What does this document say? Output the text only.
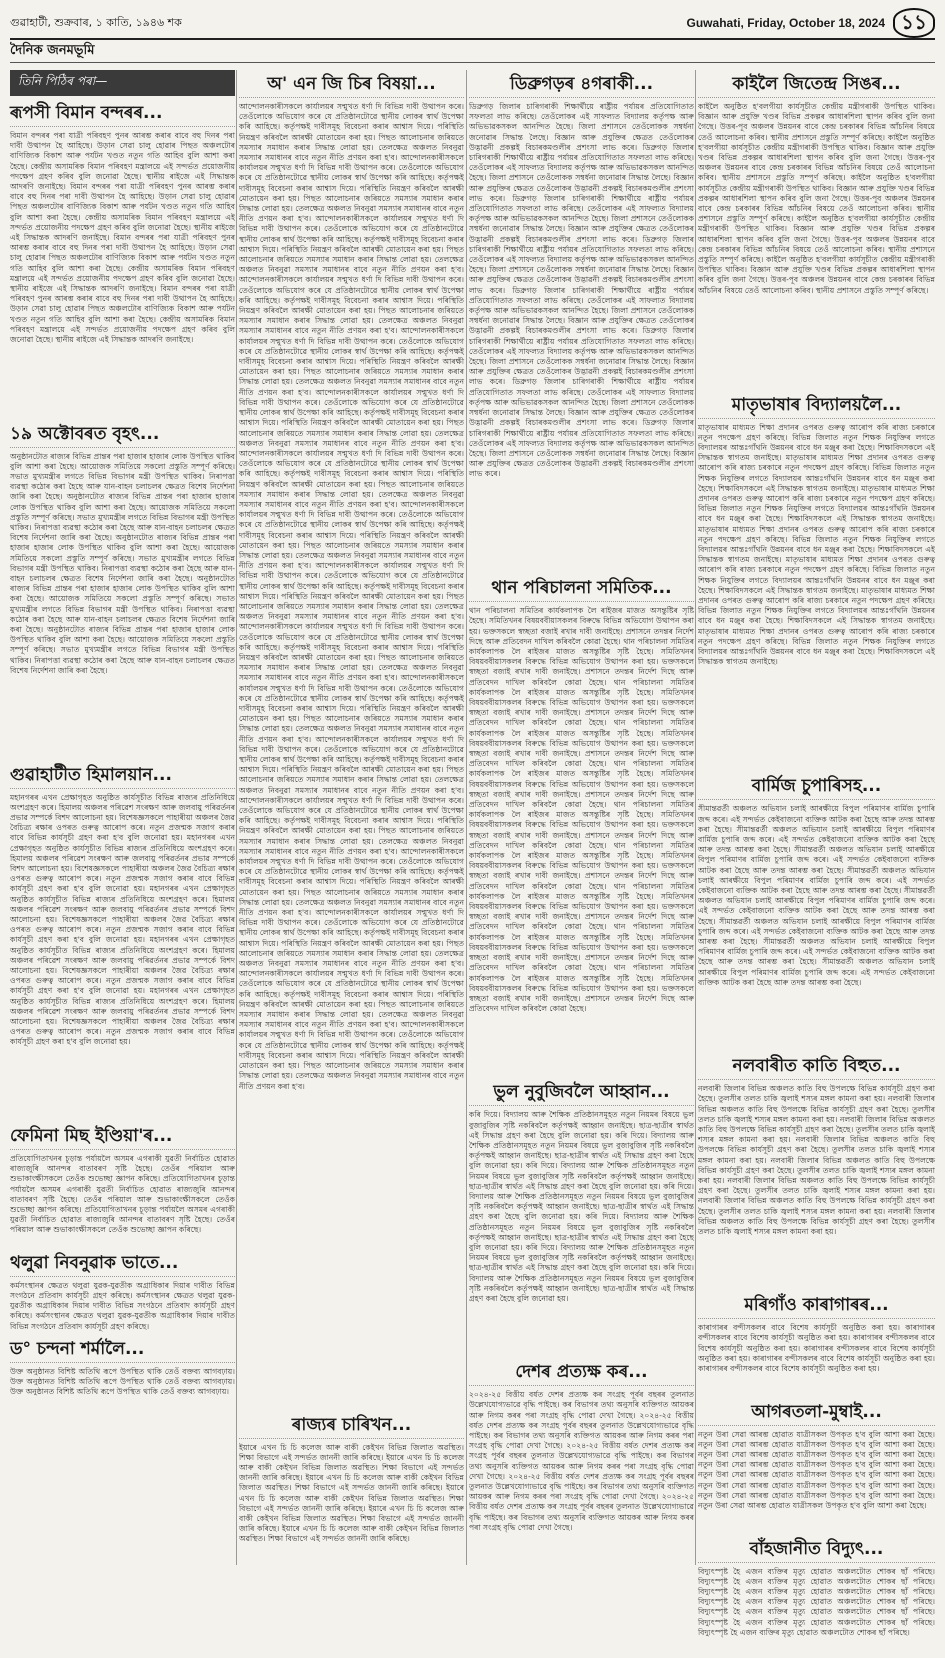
গুৱাহাটী, শুক্রবাৰ, ১ কাতি, ১৯৪৬ শক	Guwahati, Friday, October 18, 2024 ১১
দৈনিক জনমভূমি
তিনি পিঠিৰ পৰা—
ৰূপসী বিমান বন্দৰৰ...
বিমান বন্দৰৰ পৰা যাত্ৰী পৰিবহণ পুনৰ আৰম্ভ কৰাৰ বাবে বহু দিনৰ পৰা দাবী উত্থাপন হৈ আহিছে। উড়ান সেৱা চালু হোৱাৰ পিছত অঞ্চলটোৰ বাণিজ্যিক বিকাশ আৰু পৰ্যটন খণ্ডত নতুন গতি আহিব বুলি আশা কৰা হৈছে। কেন্দ্ৰীয় অসামৰিক বিমান পৰিবহণ মন্ত্ৰালয়ে এই সন্দৰ্ভত প্ৰয়োজনীয় পদক্ষেপ গ্ৰহণ কৰিব বুলি জনোৱা হৈছে। স্থানীয় ৰাইজে এই সিদ্ধান্তক আদৰণি জনাইছে। বিমান বন্দৰৰ পৰা যাত্ৰী পৰিবহণ পুনৰ আৰম্ভ কৰাৰ বাবে বহু দিনৰ পৰা দাবী উত্থাপন হৈ আহিছে। উড়ান সেৱা চালু হোৱাৰ পিছত অঞ্চলটোৰ বাণিজ্যিক বিকাশ আৰু পৰ্যটন খণ্ডত নতুন গতি আহিব বুলি আশা কৰা হৈছে। কেন্দ্ৰীয় অসামৰিক বিমান পৰিবহণ মন্ত্ৰালয়ে এই সন্দৰ্ভত প্ৰয়োজনীয় পদক্ষেপ গ্ৰহণ কৰিব বুলি জনোৱা হৈছে। স্থানীয় ৰাইজে এই সিদ্ধান্তক আদৰণি জনাইছে। বিমান বন্দৰৰ পৰা যাত্ৰী পৰিবহণ পুনৰ আৰম্ভ কৰাৰ বাবে বহু দিনৰ পৰা দাবী উত্থাপন হৈ আহিছে। উড়ান সেৱা চালু হোৱাৰ পিছত অঞ্চলটোৰ বাণিজ্যিক বিকাশ আৰু পৰ্যটন খণ্ডত নতুন গতি আহিব বুলি আশা কৰা হৈছে। কেন্দ্ৰীয় অসামৰিক বিমান পৰিবহণ মন্ত্ৰালয়ে এই সন্দৰ্ভত প্ৰয়োজনীয় পদক্ষেপ গ্ৰহণ কৰিব বুলি জনোৱা হৈছে। স্থানীয় ৰাইজে এই সিদ্ধান্তক আদৰণি জনাইছে। বিমান বন্দৰৰ পৰা যাত্ৰী পৰিবহণ পুনৰ আৰম্ভ কৰাৰ বাবে বহু দিনৰ পৰা দাবী উত্থাপন হৈ আহিছে। উড়ান সেৱা চালু হোৱাৰ পিছত অঞ্চলটোৰ বাণিজ্যিক বিকাশ আৰু পৰ্যটন খণ্ডত নতুন গতি আহিব বুলি আশা কৰা হৈছে। কেন্দ্ৰীয় অসামৰিক বিমান পৰিবহণ মন্ত্ৰালয়ে এই সন্দৰ্ভত প্ৰয়োজনীয় পদক্ষেপ গ্ৰহণ কৰিব বুলি জনোৱা হৈছে। স্থানীয় ৰাইজে এই সিদ্ধান্তক আদৰণি জনাইছে।
১৯ অক্টোবৰত বৃহৎ...
অনুষ্ঠানটোত ৰাজ্যৰ বিভিন্ন প্ৰান্তৰ পৰা হাজাৰ হাজাৰ লোক উপস্থিত থাকিব বুলি আশা কৰা হৈছে। আয়োজক সমিতিয়ে সকলো প্ৰস্তুতি সম্পূৰ্ণ কৰিছে। সভাত মুখ্যমন্ত্ৰীৰ লগতে বিভিন্ন বিভাগৰ মন্ত্ৰী উপস্থিত থাকিব। নিৰাপত্তা ব্যৱস্থা কঠোৰ কৰা হৈছে আৰু যান-বাহন চলাচলৰ ক্ষেত্ৰত বিশেষ নিৰ্দেশনা জাৰি কৰা হৈছে। অনুষ্ঠানটোত ৰাজ্যৰ বিভিন্ন প্ৰান্তৰ পৰা হাজাৰ হাজাৰ লোক উপস্থিত থাকিব বুলি আশা কৰা হৈছে। আয়োজক সমিতিয়ে সকলো প্ৰস্তুতি সম্পূৰ্ণ কৰিছে। সভাত মুখ্যমন্ত্ৰীৰ লগতে বিভিন্ন বিভাগৰ মন্ত্ৰী উপস্থিত থাকিব। নিৰাপত্তা ব্যৱস্থা কঠোৰ কৰা হৈছে আৰু যান-বাহন চলাচলৰ ক্ষেত্ৰত বিশেষ নিৰ্দেশনা জাৰি কৰা হৈছে। অনুষ্ঠানটোত ৰাজ্যৰ বিভিন্ন প্ৰান্তৰ পৰা হাজাৰ হাজাৰ লোক উপস্থিত থাকিব বুলি আশা কৰা হৈছে। আয়োজক সমিতিয়ে সকলো প্ৰস্তুতি সম্পূৰ্ণ কৰিছে। সভাত মুখ্যমন্ত্ৰীৰ লগতে বিভিন্ন বিভাগৰ মন্ত্ৰী উপস্থিত থাকিব। নিৰাপত্তা ব্যৱস্থা কঠোৰ কৰা হৈছে আৰু যান-বাহন চলাচলৰ ক্ষেত্ৰত বিশেষ নিৰ্দেশনা জাৰি কৰা হৈছে। অনুষ্ঠানটোত ৰাজ্যৰ বিভিন্ন প্ৰান্তৰ পৰা হাজাৰ হাজাৰ লোক উপস্থিত থাকিব বুলি আশা কৰা হৈছে। আয়োজক সমিতিয়ে সকলো প্ৰস্তুতি সম্পূৰ্ণ কৰিছে। সভাত মুখ্যমন্ত্ৰীৰ লগতে বিভিন্ন বিভাগৰ মন্ত্ৰী উপস্থিত থাকিব। নিৰাপত্তা ব্যৱস্থা কঠোৰ কৰা হৈছে আৰু যান-বাহন চলাচলৰ ক্ষেত্ৰত বিশেষ নিৰ্দেশনা জাৰি কৰা হৈছে। অনুষ্ঠানটোত ৰাজ্যৰ বিভিন্ন প্ৰান্তৰ পৰা হাজাৰ হাজাৰ লোক উপস্থিত থাকিব বুলি আশা কৰা হৈছে। আয়োজক সমিতিয়ে সকলো প্ৰস্তুতি সম্পূৰ্ণ কৰিছে। সভাত মুখ্যমন্ত্ৰীৰ লগতে বিভিন্ন বিভাগৰ মন্ত্ৰী উপস্থিত থাকিব। নিৰাপত্তা ব্যৱস্থা কঠোৰ কৰা হৈছে আৰু যান-বাহন চলাচলৰ ক্ষেত্ৰত বিশেষ নিৰ্দেশনা জাৰি কৰা হৈছে।
গুৱাহাটীত হিমালয়ান...
মহানগৰৰ এখন প্ৰেক্ষাগৃহত অনুষ্ঠিত কাৰ্যসূচীত বিভিন্ন ৰাজ্যৰ প্ৰতিনিধিয়ে অংশগ্ৰহণ কৰে। হিমালয় অঞ্চলৰ পৰিৱেশ সংৰক্ষণ আৰু জলবায়ু পৰিৱৰ্তনৰ প্ৰভাৱ সম্পৰ্কে বিশদ আলোচনা হয়। বিশেষজ্ঞসকলে পাহাৰীয়া অঞ্চলৰ জৈৱ বৈচিত্ৰ্য ৰক্ষাৰ ওপৰত গুৰুত্ব আৰোপ কৰে। নতুন প্ৰজন্মক সজাগ কৰাৰ বাবে বিভিন্ন কাৰ্যসূচী গ্ৰহণ কৰা হ'ব বুলি জনোৱা হয়। মহানগৰৰ এখন প্ৰেক্ষাগৃহত অনুষ্ঠিত কাৰ্যসূচীত বিভিন্ন ৰাজ্যৰ প্ৰতিনিধিয়ে অংশগ্ৰহণ কৰে। হিমালয় অঞ্চলৰ পৰিৱেশ সংৰক্ষণ আৰু জলবায়ু পৰিৱৰ্তনৰ প্ৰভাৱ সম্পৰ্কে বিশদ আলোচনা হয়। বিশেষজ্ঞসকলে পাহাৰীয়া অঞ্চলৰ জৈৱ বৈচিত্ৰ্য ৰক্ষাৰ ওপৰত গুৰুত্ব আৰোপ কৰে। নতুন প্ৰজন্মক সজাগ কৰাৰ বাবে বিভিন্ন কাৰ্যসূচী গ্ৰহণ কৰা হ'ব বুলি জনোৱা হয়। মহানগৰৰ এখন প্ৰেক্ষাগৃহত অনুষ্ঠিত কাৰ্যসূচীত বিভিন্ন ৰাজ্যৰ প্ৰতিনিধিয়ে অংশগ্ৰহণ কৰে। হিমালয় অঞ্চলৰ পৰিৱেশ সংৰক্ষণ আৰু জলবায়ু পৰিৱৰ্তনৰ প্ৰভাৱ সম্পৰ্কে বিশদ আলোচনা হয়। বিশেষজ্ঞসকলে পাহাৰীয়া অঞ্চলৰ জৈৱ বৈচিত্ৰ্য ৰক্ষাৰ ওপৰত গুৰুত্ব আৰোপ কৰে। নতুন প্ৰজন্মক সজাগ কৰাৰ বাবে বিভিন্ন কাৰ্যসূচী গ্ৰহণ কৰা হ'ব বুলি জনোৱা হয়। মহানগৰৰ এখন প্ৰেক্ষাগৃহত অনুষ্ঠিত কাৰ্যসূচীত বিভিন্ন ৰাজ্যৰ প্ৰতিনিধিয়ে অংশগ্ৰহণ কৰে। হিমালয় অঞ্চলৰ পৰিৱেশ সংৰক্ষণ আৰু জলবায়ু পৰিৱৰ্তনৰ প্ৰভাৱ সম্পৰ্কে বিশদ আলোচনা হয়। বিশেষজ্ঞসকলে পাহাৰীয়া অঞ্চলৰ জৈৱ বৈচিত্ৰ্য ৰক্ষাৰ ওপৰত গুৰুত্ব আৰোপ কৰে। নতুন প্ৰজন্মক সজাগ কৰাৰ বাবে বিভিন্ন কাৰ্যসূচী গ্ৰহণ কৰা হ'ব বুলি জনোৱা হয়। মহানগৰৰ এখন প্ৰেক্ষাগৃহত অনুষ্ঠিত কাৰ্যসূচীত বিভিন্ন ৰাজ্যৰ প্ৰতিনিধিয়ে অংশগ্ৰহণ কৰে। হিমালয় অঞ্চলৰ পৰিৱেশ সংৰক্ষণ আৰু জলবায়ু পৰিৱৰ্তনৰ প্ৰভাৱ সম্পৰ্কে বিশদ আলোচনা হয়। বিশেষজ্ঞসকলে পাহাৰীয়া অঞ্চলৰ জৈৱ বৈচিত্ৰ্য ৰক্ষাৰ ওপৰত গুৰুত্ব আৰোপ কৰে। নতুন প্ৰজন্মক সজাগ কৰাৰ বাবে বিভিন্ন কাৰ্যসূচী গ্ৰহণ কৰা হ'ব বুলি জনোৱা হয়।
ফেমিনা মিছ ইণ্ডিয়া'ৰ...
প্ৰতিযোগিতাখনৰ চূড়ান্ত পৰ্যায়লৈ অসমৰ এগৰাকী যুৱতী নিৰ্বাচিত হোৱাত ৰাজ্যজুৰি আনন্দৰ বাতাবৰণ সৃষ্টি হৈছে। তেওঁৰ পৰিয়াল আৰু শুভাকাংক্ষীসকলে তেওঁক শুভেচ্ছা জ্ঞাপন কৰিছে। প্ৰতিযোগিতাখনৰ চূড়ান্ত পৰ্যায়লৈ অসমৰ এগৰাকী যুৱতী নিৰ্বাচিত হোৱাত ৰাজ্যজুৰি আনন্দৰ বাতাবৰণ সৃষ্টি হৈছে। তেওঁৰ পৰিয়াল আৰু শুভাকাংক্ষীসকলে তেওঁক শুভেচ্ছা জ্ঞাপন কৰিছে। প্ৰতিযোগিতাখনৰ চূড়ান্ত পৰ্যায়লৈ অসমৰ এগৰাকী যুৱতী নিৰ্বাচিত হোৱাত ৰাজ্যজুৰি আনন্দৰ বাতাবৰণ সৃষ্টি হৈছে। তেওঁৰ পৰিয়াল আৰু শুভাকাংক্ষীসকলে তেওঁক শুভেচ্ছা জ্ঞাপন কৰিছে।
থলুৱা নিবনুৱাক ভাতে...
কৰ্মসংস্থানৰ ক্ষেত্ৰত থলুৱা যুৱক-যুৱতীক অগ্ৰাধিকাৰ দিয়াৰ দাবীত বিভিন্ন সংগঠনে প্ৰতিবাদ কাৰ্যসূচী গ্ৰহণ কৰিছে। কৰ্মসংস্থানৰ ক্ষেত্ৰত থলুৱা যুৱক-যুৱতীক অগ্ৰাধিকাৰ দিয়াৰ দাবীত বিভিন্ন সংগঠনে প্ৰতিবাদ কাৰ্যসূচী গ্ৰহণ কৰিছে। কৰ্মসংস্থানৰ ক্ষেত্ৰত থলুৱা যুৱক-যুৱতীক অগ্ৰাধিকাৰ দিয়াৰ দাবীত বিভিন্ন সংগঠনে প্ৰতিবাদ কাৰ্যসূচী গ্ৰহণ কৰিছে।
ড° চন্দনা শৰ্মালৈ...
উক্ত অনুষ্ঠানত বিশিষ্ট অতিথি ৰূপে উপস্থিত থাকি তেওঁ বক্তব্য আগবঢ়ায়। উক্ত অনুষ্ঠানত বিশিষ্ট অতিথি ৰূপে উপস্থিত থাকি তেওঁ বক্তব্য আগবঢ়ায়। উক্ত অনুষ্ঠানত বিশিষ্ট অতিথি ৰূপে উপস্থিত থাকি তেওঁ বক্তব্য আগবঢ়ায়।
অ' এন জি চিৰ বিষয়া...
আন্দোলনকাৰীসকলে কাৰ্যালয়ৰ সন্মুখত ধৰ্ণা দি বিভিন্ন দাবী উত্থাপন কৰে। তেওঁলোকে অভিযোগ কৰে যে প্ৰতিষ্ঠানটোৱে স্থানীয় লোকৰ স্বাৰ্থ উপেক্ষা কৰি আহিছে। কৰ্তৃপক্ষই দাবীসমূহ বিবেচনা কৰাৰ আশ্বাস দিয়ে। পৰিস্থিতি নিয়ন্ত্ৰণ কৰিবলৈ আৰক্ষী মোতায়েন কৰা হয়। পিছত আলোচনাৰ জৰিয়তে সমস্যাৰ সমাধান কৰাৰ সিদ্ধান্ত লোৱা হয়। তেলক্ষেত্ৰ অঞ্চলত নিবনুৱা সমস্যাৰ সমাধানৰ বাবে নতুন নীতি প্ৰণয়ন কৰা হ'ব। আন্দোলনকাৰীসকলে কাৰ্যালয়ৰ সন্মুখত ধৰ্ণা দি বিভিন্ন দাবী উত্থাপন কৰে। তেওঁলোকে অভিযোগ কৰে যে প্ৰতিষ্ঠানটোৱে স্থানীয় লোকৰ স্বাৰ্থ উপেক্ষা কৰি আহিছে। কৰ্তৃপক্ষই দাবীসমূহ বিবেচনা কৰাৰ আশ্বাস দিয়ে। পৰিস্থিতি নিয়ন্ত্ৰণ কৰিবলৈ আৰক্ষী মোতায়েন কৰা হয়। পিছত আলোচনাৰ জৰিয়তে সমস্যাৰ সমাধান কৰাৰ সিদ্ধান্ত লোৱা হয়। তেলক্ষেত্ৰ অঞ্চলত নিবনুৱা সমস্যাৰ সমাধানৰ বাবে নতুন নীতি প্ৰণয়ন কৰা হ'ব। আন্দোলনকাৰীসকলে কাৰ্যালয়ৰ সন্মুখত ধৰ্ণা দি বিভিন্ন দাবী উত্থাপন কৰে। তেওঁলোকে অভিযোগ কৰে যে প্ৰতিষ্ঠানটোৱে স্থানীয় লোকৰ স্বাৰ্থ উপেক্ষা কৰি আহিছে। কৰ্তৃপক্ষই দাবীসমূহ বিবেচনা কৰাৰ আশ্বাস দিয়ে। পৰিস্থিতি নিয়ন্ত্ৰণ কৰিবলৈ আৰক্ষী মোতায়েন কৰা হয়। পিছত আলোচনাৰ জৰিয়তে সমস্যাৰ সমাধান কৰাৰ সিদ্ধান্ত লোৱা হয়। তেলক্ষেত্ৰ অঞ্চলত নিবনুৱা সমস্যাৰ সমাধানৰ বাবে নতুন নীতি প্ৰণয়ন কৰা হ'ব। আন্দোলনকাৰীসকলে কাৰ্যালয়ৰ সন্মুখত ধৰ্ণা দি বিভিন্ন দাবী উত্থাপন কৰে। তেওঁলোকে অভিযোগ কৰে যে প্ৰতিষ্ঠানটোৱে স্থানীয় লোকৰ স্বাৰ্থ উপেক্ষা কৰি আহিছে। কৰ্তৃপক্ষই দাবীসমূহ বিবেচনা কৰাৰ আশ্বাস দিয়ে। পৰিস্থিতি নিয়ন্ত্ৰণ কৰিবলৈ আৰক্ষী মোতায়েন কৰা হয়। পিছত আলোচনাৰ জৰিয়তে সমস্যাৰ সমাধান কৰাৰ সিদ্ধান্ত লোৱা হয়। তেলক্ষেত্ৰ অঞ্চলত নিবনুৱা সমস্যাৰ সমাধানৰ বাবে নতুন নীতি প্ৰণয়ন কৰা হ'ব। আন্দোলনকাৰীসকলে কাৰ্যালয়ৰ সন্মুখত ধৰ্ণা দি বিভিন্ন দাবী উত্থাপন কৰে। তেওঁলোকে অভিযোগ কৰে যে প্ৰতিষ্ঠানটোৱে স্থানীয় লোকৰ স্বাৰ্থ উপেক্ষা কৰি আহিছে। কৰ্তৃপক্ষই দাবীসমূহ বিবেচনা কৰাৰ আশ্বাস দিয়ে। পৰিস্থিতি নিয়ন্ত্ৰণ কৰিবলৈ আৰক্ষী মোতায়েন কৰা হয়। পিছত আলোচনাৰ জৰিয়তে সমস্যাৰ সমাধান কৰাৰ সিদ্ধান্ত লোৱা হয়। তেলক্ষেত্ৰ অঞ্চলত নিবনুৱা সমস্যাৰ সমাধানৰ বাবে নতুন নীতি প্ৰণয়ন কৰা হ'ব। আন্দোলনকাৰীসকলে কাৰ্যালয়ৰ সন্মুখত ধৰ্ণা দি বিভিন্ন দাবী উত্থাপন কৰে। তেওঁলোকে অভিযোগ কৰে যে প্ৰতিষ্ঠানটোৱে স্থানীয় লোকৰ স্বাৰ্থ উপেক্ষা কৰি আহিছে। কৰ্তৃপক্ষই দাবীসমূহ বিবেচনা কৰাৰ আশ্বাস দিয়ে। পৰিস্থিতি নিয়ন্ত্ৰণ কৰিবলৈ আৰক্ষী মোতায়েন কৰা হয়। পিছত আলোচনাৰ জৰিয়তে সমস্যাৰ সমাধান কৰাৰ সিদ্ধান্ত লোৱা হয়। তেলক্ষেত্ৰ অঞ্চলত নিবনুৱা সমস্যাৰ সমাধানৰ বাবে নতুন নীতি প্ৰণয়ন কৰা হ'ব। আন্দোলনকাৰীসকলে কাৰ্যালয়ৰ সন্মুখত ধৰ্ণা দি বিভিন্ন দাবী উত্থাপন কৰে। তেওঁলোকে অভিযোগ কৰে যে প্ৰতিষ্ঠানটোৱে স্থানীয় লোকৰ স্বাৰ্থ উপেক্ষা কৰি আহিছে। কৰ্তৃপক্ষই দাবীসমূহ বিবেচনা কৰাৰ আশ্বাস দিয়ে। পৰিস্থিতি নিয়ন্ত্ৰণ কৰিবলৈ আৰক্ষী মোতায়েন কৰা হয়। পিছত আলোচনাৰ জৰিয়তে সমস্যাৰ সমাধান কৰাৰ সিদ্ধান্ত লোৱা হয়। তেলক্ষেত্ৰ অঞ্চলত নিবনুৱা সমস্যাৰ সমাধানৰ বাবে নতুন নীতি প্ৰণয়ন কৰা হ'ব। আন্দোলনকাৰীসকলে কাৰ্যালয়ৰ সন্মুখত ধৰ্ণা দি বিভিন্ন দাবী উত্থাপন কৰে। তেওঁলোকে অভিযোগ কৰে যে প্ৰতিষ্ঠানটোৱে স্থানীয় লোকৰ স্বাৰ্থ উপেক্ষা কৰি আহিছে। কৰ্তৃপক্ষই দাবীসমূহ বিবেচনা কৰাৰ আশ্বাস দিয়ে। পৰিস্থিতি নিয়ন্ত্ৰণ কৰিবলৈ আৰক্ষী মোতায়েন কৰা হয়। পিছত আলোচনাৰ জৰিয়তে সমস্যাৰ সমাধান কৰাৰ সিদ্ধান্ত লোৱা হয়। তেলক্ষেত্ৰ অঞ্চলত নিবনুৱা সমস্যাৰ সমাধানৰ বাবে নতুন নীতি প্ৰণয়ন কৰা হ'ব। আন্দোলনকাৰীসকলে কাৰ্যালয়ৰ সন্মুখত ধৰ্ণা দি বিভিন্ন দাবী উত্থাপন কৰে। তেওঁলোকে অভিযোগ কৰে যে প্ৰতিষ্ঠানটোৱে স্থানীয় লোকৰ স্বাৰ্থ উপেক্ষা কৰি আহিছে। কৰ্তৃপক্ষই দাবীসমূহ বিবেচনা কৰাৰ আশ্বাস দিয়ে। পৰিস্থিতি নিয়ন্ত্ৰণ কৰিবলৈ আৰক্ষী মোতায়েন কৰা হয়। পিছত আলোচনাৰ জৰিয়তে সমস্যাৰ সমাধান কৰাৰ সিদ্ধান্ত লোৱা হয়। তেলক্ষেত্ৰ অঞ্চলত নিবনুৱা সমস্যাৰ সমাধানৰ বাবে নতুন নীতি প্ৰণয়ন কৰা হ'ব। আন্দোলনকাৰীসকলে কাৰ্যালয়ৰ সন্মুখত ধৰ্ণা দি বিভিন্ন দাবী উত্থাপন কৰে। তেওঁলোকে অভিযোগ কৰে যে প্ৰতিষ্ঠানটোৱে স্থানীয় লোকৰ স্বাৰ্থ উপেক্ষা কৰি আহিছে। কৰ্তৃপক্ষই দাবীসমূহ বিবেচনা কৰাৰ আশ্বাস দিয়ে। পৰিস্থিতি নিয়ন্ত্ৰণ কৰিবলৈ আৰক্ষী মোতায়েন কৰা হয়। পিছত আলোচনাৰ জৰিয়তে সমস্যাৰ সমাধান কৰাৰ সিদ্ধান্ত লোৱা হয়। তেলক্ষেত্ৰ অঞ্চলত নিবনুৱা সমস্যাৰ সমাধানৰ বাবে নতুন নীতি প্ৰণয়ন কৰা হ'ব। আন্দোলনকাৰীসকলে কাৰ্যালয়ৰ সন্মুখত ধৰ্ণা দি বিভিন্ন দাবী উত্থাপন কৰে। তেওঁলোকে অভিযোগ কৰে যে প্ৰতিষ্ঠানটোৱে স্থানীয় লোকৰ স্বাৰ্থ উপেক্ষা কৰি আহিছে। কৰ্তৃপক্ষই দাবীসমূহ বিবেচনা কৰাৰ আশ্বাস দিয়ে। পৰিস্থিতি নিয়ন্ত্ৰণ কৰিবলৈ আৰক্ষী মোতায়েন কৰা হয়। পিছত আলোচনাৰ জৰিয়তে সমস্যাৰ সমাধান কৰাৰ সিদ্ধান্ত লোৱা হয়। তেলক্ষেত্ৰ অঞ্চলত নিবনুৱা সমস্যাৰ সমাধানৰ বাবে নতুন নীতি প্ৰণয়ন কৰা হ'ব। আন্দোলনকাৰীসকলে কাৰ্যালয়ৰ সন্মুখত ধৰ্ণা দি বিভিন্ন দাবী উত্থাপন কৰে। তেওঁলোকে অভিযোগ কৰে যে প্ৰতিষ্ঠানটোৱে স্থানীয় লোকৰ স্বাৰ্থ উপেক্ষা কৰি আহিছে। কৰ্তৃপক্ষই দাবীসমূহ বিবেচনা কৰাৰ আশ্বাস দিয়ে। পৰিস্থিতি নিয়ন্ত্ৰণ কৰিবলৈ আৰক্ষী মোতায়েন কৰা হয়। পিছত আলোচনাৰ জৰিয়তে সমস্যাৰ সমাধান কৰাৰ সিদ্ধান্ত লোৱা হয়। তেলক্ষেত্ৰ অঞ্চলত নিবনুৱা সমস্যাৰ সমাধানৰ বাবে নতুন নীতি প্ৰণয়ন কৰা হ'ব। আন্দোলনকাৰীসকলে কাৰ্যালয়ৰ সন্মুখত ধৰ্ণা দি বিভিন্ন দাবী উত্থাপন কৰে। তেওঁলোকে অভিযোগ কৰে যে প্ৰতিষ্ঠানটোৱে স্থানীয় লোকৰ স্বাৰ্থ উপেক্ষা কৰি আহিছে। কৰ্তৃপক্ষই দাবীসমূহ বিবেচনা কৰাৰ আশ্বাস দিয়ে। পৰিস্থিতি নিয়ন্ত্ৰণ কৰিবলৈ আৰক্ষী মোতায়েন কৰা হয়। পিছত আলোচনাৰ জৰিয়তে সমস্যাৰ সমাধান কৰাৰ সিদ্ধান্ত লোৱা হয়। তেলক্ষেত্ৰ অঞ্চলত নিবনুৱা সমস্যাৰ সমাধানৰ বাবে নতুন নীতি প্ৰণয়ন কৰা হ'ব। আন্দোলনকাৰীসকলে কাৰ্যালয়ৰ সন্মুখত ধৰ্ণা দি বিভিন্ন দাবী উত্থাপন কৰে। তেওঁলোকে অভিযোগ কৰে যে প্ৰতিষ্ঠানটোৱে স্থানীয় লোকৰ স্বাৰ্থ উপেক্ষা কৰি আহিছে। কৰ্তৃপক্ষই দাবীসমূহ বিবেচনা কৰাৰ আশ্বাস দিয়ে। পৰিস্থিতি নিয়ন্ত্ৰণ কৰিবলৈ আৰক্ষী মোতায়েন কৰা হয়। পিছত আলোচনাৰ জৰিয়তে সমস্যাৰ সমাধান কৰাৰ সিদ্ধান্ত লোৱা হয়। তেলক্ষেত্ৰ অঞ্চলত নিবনুৱা সমস্যাৰ সমাধানৰ বাবে নতুন নীতি প্ৰণয়ন কৰা হ'ব। আন্দোলনকাৰীসকলে কাৰ্যালয়ৰ সন্মুখত ধৰ্ণা দি বিভিন্ন দাবী উত্থাপন কৰে। তেওঁলোকে অভিযোগ কৰে যে প্ৰতিষ্ঠানটোৱে স্থানীয় লোকৰ স্বাৰ্থ উপেক্ষা কৰি আহিছে। কৰ্তৃপক্ষই দাবীসমূহ বিবেচনা কৰাৰ আশ্বাস দিয়ে। পৰিস্থিতি নিয়ন্ত্ৰণ কৰিবলৈ আৰক্ষী মোতায়েন কৰা হয়। পিছত আলোচনাৰ জৰিয়তে সমস্যাৰ সমাধান কৰাৰ সিদ্ধান্ত লোৱা হয়। তেলক্ষেত্ৰ অঞ্চলত নিবনুৱা সমস্যাৰ সমাধানৰ বাবে নতুন নীতি প্ৰণয়ন কৰা হ'ব। আন্দোলনকাৰীসকলে কাৰ্যালয়ৰ সন্মুখত ধৰ্ণা দি বিভিন্ন দাবী উত্থাপন কৰে। তেওঁলোকে অভিযোগ কৰে যে প্ৰতিষ্ঠানটোৱে স্থানীয় লোকৰ স্বাৰ্থ উপেক্ষা কৰি আহিছে। কৰ্তৃপক্ষই দাবীসমূহ বিবেচনা কৰাৰ আশ্বাস দিয়ে। পৰিস্থিতি নিয়ন্ত্ৰণ কৰিবলৈ আৰক্ষী মোতায়েন কৰা হয়। পিছত আলোচনাৰ জৰিয়তে সমস্যাৰ সমাধান কৰাৰ সিদ্ধান্ত লোৱা হয়। তেলক্ষেত্ৰ অঞ্চলত নিবনুৱা সমস্যাৰ সমাধানৰ বাবে নতুন নীতি প্ৰণয়ন কৰা হ'ব। আন্দোলনকাৰীসকলে কাৰ্যালয়ৰ সন্মুখত ধৰ্ণা দি বিভিন্ন দাবী উত্থাপন কৰে। তেওঁলোকে অভিযোগ কৰে যে প্ৰতিষ্ঠানটোৱে স্থানীয় লোকৰ স্বাৰ্থ উপেক্ষা কৰি আহিছে। কৰ্তৃপক্ষই দাবীসমূহ বিবেচনা কৰাৰ আশ্বাস দিয়ে। পৰিস্থিতি নিয়ন্ত্ৰণ কৰিবলৈ আৰক্ষী মোতায়েন কৰা হয়। পিছত আলোচনাৰ জৰিয়তে সমস্যাৰ সমাধান কৰাৰ সিদ্ধান্ত লোৱা হয়। তেলক্ষেত্ৰ অঞ্চলত নিবনুৱা সমস্যাৰ সমাধানৰ বাবে নতুন নীতি প্ৰণয়ন কৰা হ'ব।
ৰাজ্যৰ চাৰিখন...
ইয়াৰে এখন চি চি কলেজ আৰু বাকী কেইখন বিভিন্ন জিলাত অৱস্থিত। শিক্ষা বিভাগে এই সন্দৰ্ভত জাননী জাৰি কৰিছে। ইয়াৰে এখন চি চি কলেজ আৰু বাকী কেইখন বিভিন্ন জিলাত অৱস্থিত। শিক্ষা বিভাগে এই সন্দৰ্ভত জাননী জাৰি কৰিছে। ইয়াৰে এখন চি চি কলেজ আৰু বাকী কেইখন বিভিন্ন জিলাত অৱস্থিত। শিক্ষা বিভাগে এই সন্দৰ্ভত জাননী জাৰি কৰিছে। ইয়াৰে এখন চি চি কলেজ আৰু বাকী কেইখন বিভিন্ন জিলাত অৱস্থিত। শিক্ষা বিভাগে এই সন্দৰ্ভত জাননী জাৰি কৰিছে। ইয়াৰে এখন চি চি কলেজ আৰু বাকী কেইখন বিভিন্ন জিলাত অৱস্থিত। শিক্ষা বিভাগে এই সন্দৰ্ভত জাননী জাৰি কৰিছে। ইয়াৰে এখন চি চি কলেজ আৰু বাকী কেইখন বিভিন্ন জিলাত অৱস্থিত। শিক্ষা বিভাগে এই সন্দৰ্ভত জাননী জাৰি কৰিছে।
ডিব্ৰুগড়ৰ ৪গৰাকী...
ডিব্ৰুগড় জিলাৰ চাৰিগৰাকী শিক্ষাৰ্থীয়ে ৰাষ্ট্ৰীয় পৰ্যায়ৰ প্ৰতিযোগিতাত সফলতা লাভ কৰিছে। তেওঁলোকৰ এই সাফল্যত বিদ্যালয় কৰ্তৃপক্ষ আৰু অভিভাৱকসকল আনন্দিত হৈছে। জিলা প্ৰশাসনে তেওঁলোকক সম্বৰ্ধনা জনোৱাৰ সিদ্ধান্ত লৈছে। বিজ্ঞান আৰু প্ৰযুক্তিৰ ক্ষেত্ৰত তেওঁলোকৰ উদ্ভাৱনী প্ৰকল্পই বিচাৰকমণ্ডলীৰ প্ৰশংসা লাভ কৰে। ডিব্ৰুগড় জিলাৰ চাৰিগৰাকী শিক্ষাৰ্থীয়ে ৰাষ্ট্ৰীয় পৰ্যায়ৰ প্ৰতিযোগিতাত সফলতা লাভ কৰিছে। তেওঁলোকৰ এই সাফল্যত বিদ্যালয় কৰ্তৃপক্ষ আৰু অভিভাৱকসকল আনন্দিত হৈছে। জিলা প্ৰশাসনে তেওঁলোকক সম্বৰ্ধনা জনোৱাৰ সিদ্ধান্ত লৈছে। বিজ্ঞান আৰু প্ৰযুক্তিৰ ক্ষেত্ৰত তেওঁলোকৰ উদ্ভাৱনী প্ৰকল্পই বিচাৰকমণ্ডলীৰ প্ৰশংসা লাভ কৰে। ডিব্ৰুগড় জিলাৰ চাৰিগৰাকী শিক্ষাৰ্থীয়ে ৰাষ্ট্ৰীয় পৰ্যায়ৰ প্ৰতিযোগিতাত সফলতা লাভ কৰিছে। তেওঁলোকৰ এই সাফল্যত বিদ্যালয় কৰ্তৃপক্ষ আৰু অভিভাৱকসকল আনন্দিত হৈছে। জিলা প্ৰশাসনে তেওঁলোকক সম্বৰ্ধনা জনোৱাৰ সিদ্ধান্ত লৈছে। বিজ্ঞান আৰু প্ৰযুক্তিৰ ক্ষেত্ৰত তেওঁলোকৰ উদ্ভাৱনী প্ৰকল্পই বিচাৰকমণ্ডলীৰ প্ৰশংসা লাভ কৰে। ডিব্ৰুগড় জিলাৰ চাৰিগৰাকী শিক্ষাৰ্থীয়ে ৰাষ্ট্ৰীয় পৰ্যায়ৰ প্ৰতিযোগিতাত সফলতা লাভ কৰিছে। তেওঁলোকৰ এই সাফল্যত বিদ্যালয় কৰ্তৃপক্ষ আৰু অভিভাৱকসকল আনন্দিত হৈছে। জিলা প্ৰশাসনে তেওঁলোকক সম্বৰ্ধনা জনোৱাৰ সিদ্ধান্ত লৈছে। বিজ্ঞান আৰু প্ৰযুক্তিৰ ক্ষেত্ৰত তেওঁলোকৰ উদ্ভাৱনী প্ৰকল্পই বিচাৰকমণ্ডলীৰ প্ৰশংসা লাভ কৰে। ডিব্ৰুগড় জিলাৰ চাৰিগৰাকী শিক্ষাৰ্থীয়ে ৰাষ্ট্ৰীয় পৰ্যায়ৰ প্ৰতিযোগিতাত সফলতা লাভ কৰিছে। তেওঁলোকৰ এই সাফল্যত বিদ্যালয় কৰ্তৃপক্ষ আৰু অভিভাৱকসকল আনন্দিত হৈছে। জিলা প্ৰশাসনে তেওঁলোকক সম্বৰ্ধনা জনোৱাৰ সিদ্ধান্ত লৈছে। বিজ্ঞান আৰু প্ৰযুক্তিৰ ক্ষেত্ৰত তেওঁলোকৰ উদ্ভাৱনী প্ৰকল্পই বিচাৰকমণ্ডলীৰ প্ৰশংসা লাভ কৰে। ডিব্ৰুগড় জিলাৰ চাৰিগৰাকী শিক্ষাৰ্থীয়ে ৰাষ্ট্ৰীয় পৰ্যায়ৰ প্ৰতিযোগিতাত সফলতা লাভ কৰিছে। তেওঁলোকৰ এই সাফল্যত বিদ্যালয় কৰ্তৃপক্ষ আৰু অভিভাৱকসকল আনন্দিত হৈছে। জিলা প্ৰশাসনে তেওঁলোকক সম্বৰ্ধনা জনোৱাৰ সিদ্ধান্ত লৈছে। বিজ্ঞান আৰু প্ৰযুক্তিৰ ক্ষেত্ৰত তেওঁলোকৰ উদ্ভাৱনী প্ৰকল্পই বিচাৰকমণ্ডলীৰ প্ৰশংসা লাভ কৰে। ডিব্ৰুগড় জিলাৰ চাৰিগৰাকী শিক্ষাৰ্থীয়ে ৰাষ্ট্ৰীয় পৰ্যায়ৰ প্ৰতিযোগিতাত সফলতা লাভ কৰিছে। তেওঁলোকৰ এই সাফল্যত বিদ্যালয় কৰ্তৃপক্ষ আৰু অভিভাৱকসকল আনন্দিত হৈছে। জিলা প্ৰশাসনে তেওঁলোকক সম্বৰ্ধনা জনোৱাৰ সিদ্ধান্ত লৈছে। বিজ্ঞান আৰু প্ৰযুক্তিৰ ক্ষেত্ৰত তেওঁলোকৰ উদ্ভাৱনী প্ৰকল্পই বিচাৰকমণ্ডলীৰ প্ৰশংসা লাভ কৰে। ডিব্ৰুগড় জিলাৰ চাৰিগৰাকী শিক্ষাৰ্থীয়ে ৰাষ্ট্ৰীয় পৰ্যায়ৰ প্ৰতিযোগিতাত সফলতা লাভ কৰিছে। তেওঁলোকৰ এই সাফল্যত বিদ্যালয় কৰ্তৃপক্ষ আৰু অভিভাৱকসকল আনন্দিত হৈছে। জিলা প্ৰশাসনে তেওঁলোকক সম্বৰ্ধনা জনোৱাৰ সিদ্ধান্ত লৈছে। বিজ্ঞান আৰু প্ৰযুক্তিৰ ক্ষেত্ৰত তেওঁলোকৰ উদ্ভাৱনী প্ৰকল্পই বিচাৰকমণ্ডলীৰ প্ৰশংসা লাভ কৰে।
থান পৰিচালনা সমিতিক...
থান পৰিচালনা সমিতিৰ কাৰ্যকলাপক লৈ ৰাইজৰ মাজত অসন্তুষ্টিৰ সৃষ্টি হৈছে। সমিতিখনৰ বিষয়ববীয়াসকলৰ বিৰুদ্ধে বিভিন্ন অভিযোগ উত্থাপন কৰা হয়। ভক্তসকলে স্বচ্ছতা বজাই ৰখাৰ দাবী জনাইছে। প্ৰশাসনে তদন্তৰ নিৰ্দেশ দিছে আৰু প্ৰতিবেদন দাখিল কৰিবলৈ কোৱা হৈছে। থান পৰিচালনা সমিতিৰ কাৰ্যকলাপক লৈ ৰাইজৰ মাজত অসন্তুষ্টিৰ সৃষ্টি হৈছে। সমিতিখনৰ বিষয়ববীয়াসকলৰ বিৰুদ্ধে বিভিন্ন অভিযোগ উত্থাপন কৰা হয়। ভক্তসকলে স্বচ্ছতা বজাই ৰখাৰ দাবী জনাইছে। প্ৰশাসনে তদন্তৰ নিৰ্দেশ দিছে আৰু প্ৰতিবেদন দাখিল কৰিবলৈ কোৱা হৈছে। থান পৰিচালনা সমিতিৰ কাৰ্যকলাপক লৈ ৰাইজৰ মাজত অসন্তুষ্টিৰ সৃষ্টি হৈছে। সমিতিখনৰ বিষয়ববীয়াসকলৰ বিৰুদ্ধে বিভিন্ন অভিযোগ উত্থাপন কৰা হয়। ভক্তসকলে স্বচ্ছতা বজাই ৰখাৰ দাবী জনাইছে। প্ৰশাসনে তদন্তৰ নিৰ্দেশ দিছে আৰু প্ৰতিবেদন দাখিল কৰিবলৈ কোৱা হৈছে। থান পৰিচালনা সমিতিৰ কাৰ্যকলাপক লৈ ৰাইজৰ মাজত অসন্তুষ্টিৰ সৃষ্টি হৈছে। সমিতিখনৰ বিষয়ববীয়াসকলৰ বিৰুদ্ধে বিভিন্ন অভিযোগ উত্থাপন কৰা হয়। ভক্তসকলে স্বচ্ছতা বজাই ৰখাৰ দাবী জনাইছে। প্ৰশাসনে তদন্তৰ নিৰ্দেশ দিছে আৰু প্ৰতিবেদন দাখিল কৰিবলৈ কোৱা হৈছে। থান পৰিচালনা সমিতিৰ কাৰ্যকলাপক লৈ ৰাইজৰ মাজত অসন্তুষ্টিৰ সৃষ্টি হৈছে। সমিতিখনৰ বিষয়ববীয়াসকলৰ বিৰুদ্ধে বিভিন্ন অভিযোগ উত্থাপন কৰা হয়। ভক্তসকলে স্বচ্ছতা বজাই ৰখাৰ দাবী জনাইছে। প্ৰশাসনে তদন্তৰ নিৰ্দেশ দিছে আৰু প্ৰতিবেদন দাখিল কৰিবলৈ কোৱা হৈছে। থান পৰিচালনা সমিতিৰ কাৰ্যকলাপক লৈ ৰাইজৰ মাজত অসন্তুষ্টিৰ সৃষ্টি হৈছে। সমিতিখনৰ বিষয়ববীয়াসকলৰ বিৰুদ্ধে বিভিন্ন অভিযোগ উত্থাপন কৰা হয়। ভক্তসকলে স্বচ্ছতা বজাই ৰখাৰ দাবী জনাইছে। প্ৰশাসনে তদন্তৰ নিৰ্দেশ দিছে আৰু প্ৰতিবেদন দাখিল কৰিবলৈ কোৱা হৈছে। থান পৰিচালনা সমিতিৰ কাৰ্যকলাপক লৈ ৰাইজৰ মাজত অসন্তুষ্টিৰ সৃষ্টি হৈছে। সমিতিখনৰ বিষয়ববীয়াসকলৰ বিৰুদ্ধে বিভিন্ন অভিযোগ উত্থাপন কৰা হয়। ভক্তসকলে স্বচ্ছতা বজাই ৰখাৰ দাবী জনাইছে। প্ৰশাসনে তদন্তৰ নিৰ্দেশ দিছে আৰু প্ৰতিবেদন দাখিল কৰিবলৈ কোৱা হৈছে। থান পৰিচালনা সমিতিৰ কাৰ্যকলাপক লৈ ৰাইজৰ মাজত অসন্তুষ্টিৰ সৃষ্টি হৈছে। সমিতিখনৰ বিষয়ববীয়াসকলৰ বিৰুদ্ধে বিভিন্ন অভিযোগ উত্থাপন কৰা হয়। ভক্তসকলে স্বচ্ছতা বজাই ৰখাৰ দাবী জনাইছে। প্ৰশাসনে তদন্তৰ নিৰ্দেশ দিছে আৰু প্ৰতিবেদন দাখিল কৰিবলৈ কোৱা হৈছে। থান পৰিচালনা সমিতিৰ কাৰ্যকলাপক লৈ ৰাইজৰ মাজত অসন্তুষ্টিৰ সৃষ্টি হৈছে। সমিতিখনৰ বিষয়ববীয়াসকলৰ বিৰুদ্ধে বিভিন্ন অভিযোগ উত্থাপন কৰা হয়। ভক্তসকলে স্বচ্ছতা বজাই ৰখাৰ দাবী জনাইছে। প্ৰশাসনে তদন্তৰ নিৰ্দেশ দিছে আৰু প্ৰতিবেদন দাখিল কৰিবলৈ কোৱা হৈছে। থান পৰিচালনা সমিতিৰ কাৰ্যকলাপক লৈ ৰাইজৰ মাজত অসন্তুষ্টিৰ সৃষ্টি হৈছে। সমিতিখনৰ বিষয়ববীয়াসকলৰ বিৰুদ্ধে বিভিন্ন অভিযোগ উত্থাপন কৰা হয়। ভক্তসকলে স্বচ্ছতা বজাই ৰখাৰ দাবী জনাইছে। প্ৰশাসনে তদন্তৰ নিৰ্দেশ দিছে আৰু প্ৰতিবেদন দাখিল কৰিবলৈ কোৱা হৈছে।
ভুল নুবুজিবলৈ আহ্বান...
কৰি দিয়ে। বিদ্যালয় আৰু শৈক্ষিক প্ৰতিষ্ঠানসমূহত নতুন নিয়মৰ বিষয়ে ভুল বুজাবুজিৰ সৃষ্টি নকৰিবলৈ কৰ্তৃপক্ষই আহ্বান জনাইছে। ছাত্ৰ-ছাত্ৰীৰ স্বাৰ্থত এই সিদ্ধান্ত গ্ৰহণ কৰা হৈছে বুলি জনোৱা হয়। কৰি দিয়ে। বিদ্যালয় আৰু শৈক্ষিক প্ৰতিষ্ঠানসমূহত নতুন নিয়মৰ বিষয়ে ভুল বুজাবুজিৰ সৃষ্টি নকৰিবলৈ কৰ্তৃপক্ষই আহ্বান জনাইছে। ছাত্ৰ-ছাত্ৰীৰ স্বাৰ্থত এই সিদ্ধান্ত গ্ৰহণ কৰা হৈছে বুলি জনোৱা হয়। কৰি দিয়ে। বিদ্যালয় আৰু শৈক্ষিক প্ৰতিষ্ঠানসমূহত নতুন নিয়মৰ বিষয়ে ভুল বুজাবুজিৰ সৃষ্টি নকৰিবলৈ কৰ্তৃপক্ষই আহ্বান জনাইছে। ছাত্ৰ-ছাত্ৰীৰ স্বাৰ্থত এই সিদ্ধান্ত গ্ৰহণ কৰা হৈছে বুলি জনোৱা হয়। কৰি দিয়ে। বিদ্যালয় আৰু শৈক্ষিক প্ৰতিষ্ঠানসমূহত নতুন নিয়মৰ বিষয়ে ভুল বুজাবুজিৰ সৃষ্টি নকৰিবলৈ কৰ্তৃপক্ষই আহ্বান জনাইছে। ছাত্ৰ-ছাত্ৰীৰ স্বাৰ্থত এই সিদ্ধান্ত গ্ৰহণ কৰা হৈছে বুলি জনোৱা হয়। কৰি দিয়ে। বিদ্যালয় আৰু শৈক্ষিক প্ৰতিষ্ঠানসমূহত নতুন নিয়মৰ বিষয়ে ভুল বুজাবুজিৰ সৃষ্টি নকৰিবলৈ কৰ্তৃপক্ষই আহ্বান জনাইছে। ছাত্ৰ-ছাত্ৰীৰ স্বাৰ্থত এই সিদ্ধান্ত গ্ৰহণ কৰা হৈছে বুলি জনোৱা হয়। কৰি দিয়ে। বিদ্যালয় আৰু শৈক্ষিক প্ৰতিষ্ঠানসমূহত নতুন নিয়মৰ বিষয়ে ভুল বুজাবুজিৰ সৃষ্টি নকৰিবলৈ কৰ্তৃপক্ষই আহ্বান জনাইছে। ছাত্ৰ-ছাত্ৰীৰ স্বাৰ্থত এই সিদ্ধান্ত গ্ৰহণ কৰা হৈছে বুলি জনোৱা হয়। কৰি দিয়ে। বিদ্যালয় আৰু শৈক্ষিক প্ৰতিষ্ঠানসমূহত নতুন নিয়মৰ বিষয়ে ভুল বুজাবুজিৰ সৃষ্টি নকৰিবলৈ কৰ্তৃপক্ষই আহ্বান জনাইছে। ছাত্ৰ-ছাত্ৰীৰ স্বাৰ্থত এই সিদ্ধান্ত গ্ৰহণ কৰা হৈছে বুলি জনোৱা হয়।
দেশৰ প্ৰত্যক্ষ কৰ...
২০২৪-২৫ বিত্তীয় বৰ্ষত দেশৰ প্ৰত্যক্ষ কৰ সংগ্ৰহ পূৰ্বৰ বছৰৰ তুলনাত উল্লেখযোগ্যভাৱে বৃদ্ধি পাইছে। কৰ বিভাগৰ তথ্য অনুসৰি ব্যক্তিগত আয়কৰ আৰু নিগম কৰৰ পৰা সংগ্ৰহ বৃদ্ধি পোৱা দেখা গৈছে। ২০২৪-২৫ বিত্তীয় বৰ্ষত দেশৰ প্ৰত্যক্ষ কৰ সংগ্ৰহ পূৰ্বৰ বছৰৰ তুলনাত উল্লেখযোগ্যভাৱে বৃদ্ধি পাইছে। কৰ বিভাগৰ তথ্য অনুসৰি ব্যক্তিগত আয়কৰ আৰু নিগম কৰৰ পৰা সংগ্ৰহ বৃদ্ধি পোৱা দেখা গৈছে। ২০২৪-২৫ বিত্তীয় বৰ্ষত দেশৰ প্ৰত্যক্ষ কৰ সংগ্ৰহ পূৰ্বৰ বছৰৰ তুলনাত উল্লেখযোগ্যভাৱে বৃদ্ধি পাইছে। কৰ বিভাগৰ তথ্য অনুসৰি ব্যক্তিগত আয়কৰ আৰু নিগম কৰৰ পৰা সংগ্ৰহ বৃদ্ধি পোৱা দেখা গৈছে। ২০২৪-২৫ বিত্তীয় বৰ্ষত দেশৰ প্ৰত্যক্ষ কৰ সংগ্ৰহ পূৰ্বৰ বছৰৰ তুলনাত উল্লেখযোগ্যভাৱে বৃদ্ধি পাইছে। কৰ বিভাগৰ তথ্য অনুসৰি ব্যক্তিগত আয়কৰ আৰু নিগম কৰৰ পৰা সংগ্ৰহ বৃদ্ধি পোৱা দেখা গৈছে। ২০২৪-২৫ বিত্তীয় বৰ্ষত দেশৰ প্ৰত্যক্ষ কৰ সংগ্ৰহ পূৰ্বৰ বছৰৰ তুলনাত উল্লেখযোগ্যভাৱে বৃদ্ধি পাইছে। কৰ বিভাগৰ তথ্য অনুসৰি ব্যক্তিগত আয়কৰ আৰু নিগম কৰৰ পৰা সংগ্ৰহ বৃদ্ধি পোৱা দেখা গৈছে।
কাইলৈ জিতেন্দ্ৰ সিঙৰ...
কাইলৈ অনুষ্ঠিত হ'বলগীয়া কাৰ্যসূচীত কেন্দ্ৰীয় মন্ত্ৰীগৰাকী উপস্থিত থাকিব। বিজ্ঞান আৰু প্ৰযুক্তি খণ্ডৰ বিভিন্ন প্ৰকল্পৰ আধাৰশিলা স্থাপন কৰিব বুলি জনা গৈছে। উত্তৰ-পূব অঞ্চলৰ উন্নয়নৰ বাবে কেন্দ্ৰ চৰকাৰৰ বিভিন্ন আঁচনিৰ বিষয়ে তেওঁ আলোচনা কৰিব। স্থানীয় প্ৰশাসনে প্ৰস্তুতি সম্পূৰ্ণ কৰিছে। কাইলৈ অনুষ্ঠিত হ'বলগীয়া কাৰ্যসূচীত কেন্দ্ৰীয় মন্ত্ৰীগৰাকী উপস্থিত থাকিব। বিজ্ঞান আৰু প্ৰযুক্তি খণ্ডৰ বিভিন্ন প্ৰকল্পৰ আধাৰশিলা স্থাপন কৰিব বুলি জনা গৈছে। উত্তৰ-পূব অঞ্চলৰ উন্নয়নৰ বাবে কেন্দ্ৰ চৰকাৰৰ বিভিন্ন আঁচনিৰ বিষয়ে তেওঁ আলোচনা কৰিব। স্থানীয় প্ৰশাসনে প্ৰস্তুতি সম্পূৰ্ণ কৰিছে। কাইলৈ অনুষ্ঠিত হ'বলগীয়া কাৰ্যসূচীত কেন্দ্ৰীয় মন্ত্ৰীগৰাকী উপস্থিত থাকিব। বিজ্ঞান আৰু প্ৰযুক্তি খণ্ডৰ বিভিন্ন প্ৰকল্পৰ আধাৰশিলা স্থাপন কৰিব বুলি জনা গৈছে। উত্তৰ-পূব অঞ্চলৰ উন্নয়নৰ বাবে কেন্দ্ৰ চৰকাৰৰ বিভিন্ন আঁচনিৰ বিষয়ে তেওঁ আলোচনা কৰিব। স্থানীয় প্ৰশাসনে প্ৰস্তুতি সম্পূৰ্ণ কৰিছে। কাইলৈ অনুষ্ঠিত হ'বলগীয়া কাৰ্যসূচীত কেন্দ্ৰীয় মন্ত্ৰীগৰাকী উপস্থিত থাকিব। বিজ্ঞান আৰু প্ৰযুক্তি খণ্ডৰ বিভিন্ন প্ৰকল্পৰ আধাৰশিলা স্থাপন কৰিব বুলি জনা গৈছে। উত্তৰ-পূব অঞ্চলৰ উন্নয়নৰ বাবে কেন্দ্ৰ চৰকাৰৰ বিভিন্ন আঁচনিৰ বিষয়ে তেওঁ আলোচনা কৰিব। স্থানীয় প্ৰশাসনে প্ৰস্তুতি সম্পূৰ্ণ কৰিছে। কাইলৈ অনুষ্ঠিত হ'বলগীয়া কাৰ্যসূচীত কেন্দ্ৰীয় মন্ত্ৰীগৰাকী উপস্থিত থাকিব। বিজ্ঞান আৰু প্ৰযুক্তি খণ্ডৰ বিভিন্ন প্ৰকল্পৰ আধাৰশিলা স্থাপন কৰিব বুলি জনা গৈছে। উত্তৰ-পূব অঞ্চলৰ উন্নয়নৰ বাবে কেন্দ্ৰ চৰকাৰৰ বিভিন্ন আঁচনিৰ বিষয়ে তেওঁ আলোচনা কৰিব। স্থানীয় প্ৰশাসনে প্ৰস্তুতি সম্পূৰ্ণ কৰিছে।
মাতৃভাষাৰ বিদ্যালয়লৈ...
মাতৃভাষাৰ মাধ্যমত শিক্ষা প্ৰদানৰ ওপৰত গুৰুত্ব আৰোপ কৰি ৰাজ্য চৰকাৰে নতুন পদক্ষেপ গ্ৰহণ কৰিছে। বিভিন্ন জিলাত নতুন শিক্ষক নিযুক্তিৰ লগতে বিদ্যালয়ৰ আন্তঃগাঁথনি উন্নয়নৰ বাবে ধন মঞ্জুৰ কৰা হৈছে। শিক্ষাবিদসকলে এই সিদ্ধান্তক স্বাগতম জনাইছে। মাতৃভাষাৰ মাধ্যমত শিক্ষা প্ৰদানৰ ওপৰত গুৰুত্ব আৰোপ কৰি ৰাজ্য চৰকাৰে নতুন পদক্ষেপ গ্ৰহণ কৰিছে। বিভিন্ন জিলাত নতুন শিক্ষক নিযুক্তিৰ লগতে বিদ্যালয়ৰ আন্তঃগাঁথনি উন্নয়নৰ বাবে ধন মঞ্জুৰ কৰা হৈছে। শিক্ষাবিদসকলে এই সিদ্ধান্তক স্বাগতম জনাইছে। মাতৃভাষাৰ মাধ্যমত শিক্ষা প্ৰদানৰ ওপৰত গুৰুত্ব আৰোপ কৰি ৰাজ্য চৰকাৰে নতুন পদক্ষেপ গ্ৰহণ কৰিছে। বিভিন্ন জিলাত নতুন শিক্ষক নিযুক্তিৰ লগতে বিদ্যালয়ৰ আন্তঃগাঁথনি উন্নয়নৰ বাবে ধন মঞ্জুৰ কৰা হৈছে। শিক্ষাবিদসকলে এই সিদ্ধান্তক স্বাগতম জনাইছে। মাতৃভাষাৰ মাধ্যমত শিক্ষা প্ৰদানৰ ওপৰত গুৰুত্ব আৰোপ কৰি ৰাজ্য চৰকাৰে নতুন পদক্ষেপ গ্ৰহণ কৰিছে। বিভিন্ন জিলাত নতুন শিক্ষক নিযুক্তিৰ লগতে বিদ্যালয়ৰ আন্তঃগাঁথনি উন্নয়নৰ বাবে ধন মঞ্জুৰ কৰা হৈছে। শিক্ষাবিদসকলে এই সিদ্ধান্তক স্বাগতম জনাইছে। মাতৃভাষাৰ মাধ্যমত শিক্ষা প্ৰদানৰ ওপৰত গুৰুত্ব আৰোপ কৰি ৰাজ্য চৰকাৰে নতুন পদক্ষেপ গ্ৰহণ কৰিছে। বিভিন্ন জিলাত নতুন শিক্ষক নিযুক্তিৰ লগতে বিদ্যালয়ৰ আন্তঃগাঁথনি উন্নয়নৰ বাবে ধন মঞ্জুৰ কৰা হৈছে। শিক্ষাবিদসকলে এই সিদ্ধান্তক স্বাগতম জনাইছে। মাতৃভাষাৰ মাধ্যমত শিক্ষা প্ৰদানৰ ওপৰত গুৰুত্ব আৰোপ কৰি ৰাজ্য চৰকাৰে নতুন পদক্ষেপ গ্ৰহণ কৰিছে। বিভিন্ন জিলাত নতুন শিক্ষক নিযুক্তিৰ লগতে বিদ্যালয়ৰ আন্তঃগাঁথনি উন্নয়নৰ বাবে ধন মঞ্জুৰ কৰা হৈছে। শিক্ষাবিদসকলে এই সিদ্ধান্তক স্বাগতম জনাইছে। মাতৃভাষাৰ মাধ্যমত শিক্ষা প্ৰদানৰ ওপৰত গুৰুত্ব আৰোপ কৰি ৰাজ্য চৰকাৰে নতুন পদক্ষেপ গ্ৰহণ কৰিছে। বিভিন্ন জিলাত নতুন শিক্ষক নিযুক্তিৰ লগতে বিদ্যালয়ৰ আন্তঃগাঁথনি উন্নয়নৰ বাবে ধন মঞ্জুৰ কৰা হৈছে। শিক্ষাবিদসকলে এই সিদ্ধান্তক স্বাগতম জনাইছে।
বাৰ্মিজ চুপাৰিসহ...
সীমান্তৱৰ্তী অঞ্চলত অভিযান চলাই আৰক্ষীয়ে বিপুল পৰিমাণৰ বাৰ্মিজ চুপাৰি জব্দ কৰে। এই সন্দৰ্ভত কেইবাজনো ব্যক্তিক আটক কৰা হৈছে আৰু তদন্ত আৰম্ভ কৰা হৈছে। সীমান্তৱৰ্তী অঞ্চলত অভিযান চলাই আৰক্ষীয়ে বিপুল পৰিমাণৰ বাৰ্মিজ চুপাৰি জব্দ কৰে। এই সন্দৰ্ভত কেইবাজনো ব্যক্তিক আটক কৰা হৈছে আৰু তদন্ত আৰম্ভ কৰা হৈছে। সীমান্তৱৰ্তী অঞ্চলত অভিযান চলাই আৰক্ষীয়ে বিপুল পৰিমাণৰ বাৰ্মিজ চুপাৰি জব্দ কৰে। এই সন্দৰ্ভত কেইবাজনো ব্যক্তিক আটক কৰা হৈছে আৰু তদন্ত আৰম্ভ কৰা হৈছে। সীমান্তৱৰ্তী অঞ্চলত অভিযান চলাই আৰক্ষীয়ে বিপুল পৰিমাণৰ বাৰ্মিজ চুপাৰি জব্দ কৰে। এই সন্দৰ্ভত কেইবাজনো ব্যক্তিক আটক কৰা হৈছে আৰু তদন্ত আৰম্ভ কৰা হৈছে। সীমান্তৱৰ্তী অঞ্চলত অভিযান চলাই আৰক্ষীয়ে বিপুল পৰিমাণৰ বাৰ্মিজ চুপাৰি জব্দ কৰে। এই সন্দৰ্ভত কেইবাজনো ব্যক্তিক আটক কৰা হৈছে আৰু তদন্ত আৰম্ভ কৰা হৈছে। সীমান্তৱৰ্তী অঞ্চলত অভিযান চলাই আৰক্ষীয়ে বিপুল পৰিমাণৰ বাৰ্মিজ চুপাৰি জব্দ কৰে। এই সন্দৰ্ভত কেইবাজনো ব্যক্তিক আটক কৰা হৈছে আৰু তদন্ত আৰম্ভ কৰা হৈছে। সীমান্তৱৰ্তী অঞ্চলত অভিযান চলাই আৰক্ষীয়ে বিপুল পৰিমাণৰ বাৰ্মিজ চুপাৰি জব্দ কৰে। এই সন্দৰ্ভত কেইবাজনো ব্যক্তিক আটক কৰা হৈছে আৰু তদন্ত আৰম্ভ কৰা হৈছে। সীমান্তৱৰ্তী অঞ্চলত অভিযান চলাই আৰক্ষীয়ে বিপুল পৰিমাণৰ বাৰ্মিজ চুপাৰি জব্দ কৰে। এই সন্দৰ্ভত কেইবাজনো ব্যক্তিক আটক কৰা হৈছে আৰু তদন্ত আৰম্ভ কৰা হৈছে।
নলবাৰীত কাতি বিহুত...
নলবাৰী জিলাৰ বিভিন্ন অঞ্চলত কাতি বিহু উপলক্ষে বিভিন্ন কাৰ্যসূচী গ্ৰহণ কৰা হৈছে। তুলসীৰ তলত চাকি জ্বলাই শস্যৰ মঙ্গল কামনা কৰা হয়। নলবাৰী জিলাৰ বিভিন্ন অঞ্চলত কাতি বিহু উপলক্ষে বিভিন্ন কাৰ্যসূচী গ্ৰহণ কৰা হৈছে। তুলসীৰ তলত চাকি জ্বলাই শস্যৰ মঙ্গল কামনা কৰা হয়। নলবাৰী জিলাৰ বিভিন্ন অঞ্চলত কাতি বিহু উপলক্ষে বিভিন্ন কাৰ্যসূচী গ্ৰহণ কৰা হৈছে। তুলসীৰ তলত চাকি জ্বলাই শস্যৰ মঙ্গল কামনা কৰা হয়। নলবাৰী জিলাৰ বিভিন্ন অঞ্চলত কাতি বিহু উপলক্ষে বিভিন্ন কাৰ্যসূচী গ্ৰহণ কৰা হৈছে। তুলসীৰ তলত চাকি জ্বলাই শস্যৰ মঙ্গল কামনা কৰা হয়। নলবাৰী জিলাৰ বিভিন্ন অঞ্চলত কাতি বিহু উপলক্ষে বিভিন্ন কাৰ্যসূচী গ্ৰহণ কৰা হৈছে। তুলসীৰ তলত চাকি জ্বলাই শস্যৰ মঙ্গল কামনা কৰা হয়। নলবাৰী জিলাৰ বিভিন্ন অঞ্চলত কাতি বিহু উপলক্ষে বিভিন্ন কাৰ্যসূচী গ্ৰহণ কৰা হৈছে। তুলসীৰ তলত চাকি জ্বলাই শস্যৰ মঙ্গল কামনা কৰা হয়। নলবাৰী জিলাৰ বিভিন্ন অঞ্চলত কাতি বিহু উপলক্ষে বিভিন্ন কাৰ্যসূচী গ্ৰহণ কৰা হৈছে। তুলসীৰ তলত চাকি জ্বলাই শস্যৰ মঙ্গল কামনা কৰা হয়। নলবাৰী জিলাৰ বিভিন্ন অঞ্চলত কাতি বিহু উপলক্ষে বিভিন্ন কাৰ্যসূচী গ্ৰহণ কৰা হৈছে। তুলসীৰ তলত চাকি জ্বলাই শস্যৰ মঙ্গল কামনা কৰা হয়।
মৰিগাঁও কাৰাগাৰৰ...
কাৰাগাৰৰ বন্দীসকলৰ বাবে বিশেষ কাৰ্যসূচী অনুষ্ঠিত কৰা হয়। কাৰাগাৰৰ বন্দীসকলৰ বাবে বিশেষ কাৰ্যসূচী অনুষ্ঠিত কৰা হয়। কাৰাগাৰৰ বন্দীসকলৰ বাবে বিশেষ কাৰ্যসূচী অনুষ্ঠিত কৰা হয়। কাৰাগাৰৰ বন্দীসকলৰ বাবে বিশেষ কাৰ্যসূচী অনুষ্ঠিত কৰা হয়। কাৰাগাৰৰ বন্দীসকলৰ বাবে বিশেষ কাৰ্যসূচী অনুষ্ঠিত কৰা হয়। কাৰাগাৰৰ বন্দীসকলৰ বাবে বিশেষ কাৰ্যসূচী অনুষ্ঠিত কৰা হয়।
আগৰতলা-মুম্বাই...
নতুন উৰা সেৱা আৰম্ভ হোৱাত যাত্ৰীসকল উপকৃত হ'ব বুলি আশা কৰা হৈছে। নতুন উৰা সেৱা আৰম্ভ হোৱাত যাত্ৰীসকল উপকৃত হ'ব বুলি আশা কৰা হৈছে। নতুন উৰা সেৱা আৰম্ভ হোৱাত যাত্ৰীসকল উপকৃত হ'ব বুলি আশা কৰা হৈছে। নতুন উৰা সেৱা আৰম্ভ হোৱাত যাত্ৰীসকল উপকৃত হ'ব বুলি আশা কৰা হৈছে। নতুন উৰা সেৱা আৰম্ভ হোৱাত যাত্ৰীসকল উপকৃত হ'ব বুলি আশা কৰা হৈছে। নতুন উৰা সেৱা আৰম্ভ হোৱাত যাত্ৰীসকল উপকৃত হ'ব বুলি আশা কৰা হৈছে। নতুন উৰা সেৱা আৰম্ভ হোৱাত যাত্ৰীসকল উপকৃত হ'ব বুলি আশা কৰা হৈছে। নতুন উৰা সেৱা আৰম্ভ হোৱাত যাত্ৰীসকল উপকৃত হ'ব বুলি আশা কৰা হৈছে।
বাঁহজানীত বিদ্যুৎ...
বিদ্যুৎস্পৃষ্ট হৈ এজন ব্যক্তিৰ মৃত্যু হোৱাত অঞ্চলটোত শোকৰ ছাঁ পৰিছে। বিদ্যুৎস্পৃষ্ট হৈ এজন ব্যক্তিৰ মৃত্যু হোৱাত অঞ্চলটোত শোকৰ ছাঁ পৰিছে। বিদ্যুৎস্পৃষ্ট হৈ এজন ব্যক্তিৰ মৃত্যু হোৱাত অঞ্চলটোত শোকৰ ছাঁ পৰিছে। বিদ্যুৎস্পৃষ্ট হৈ এজন ব্যক্তিৰ মৃত্যু হোৱাত অঞ্চলটোত শোকৰ ছাঁ পৰিছে। বিদ্যুৎস্পৃষ্ট হৈ এজন ব্যক্তিৰ মৃত্যু হোৱাত অঞ্চলটোত শোকৰ ছাঁ পৰিছে। বিদ্যুৎস্পৃষ্ট হৈ এজন ব্যক্তিৰ মৃত্যু হোৱাত অঞ্চলটোত শোকৰ ছাঁ পৰিছে। বিদ্যুৎস্পৃষ্ট হৈ এজন ব্যক্তিৰ মৃত্যু হোৱাত অঞ্চলটোত শোকৰ ছাঁ পৰিছে।
